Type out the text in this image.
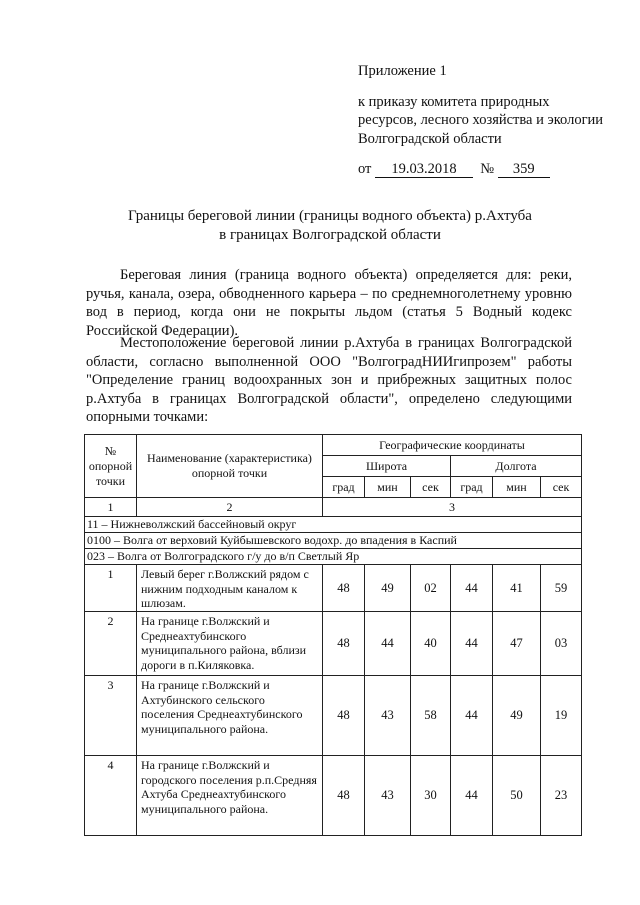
Приложение 1
к приказу комитета природных ресурсов, лесного хозяйства и экологии Волгоградской области
от 19.03.2018 № 359
Границы береговой линии (границы водного объекта) р.Ахтуба
в границах Волгоградской области
Береговая линия (граница водного объекта) определяется для: реки, ручья, канала, озера, обводненного карьера – по среднемноголетнему уровню вод в период, когда они не покрыты льдом (статья 5 Водный кодекс Российской Федерации).
Местоположение береговой линии р.Ахтуба в границах Волгоградской области, согласно выполненной ООО "ВолгоградНИИгипрозем" работы "Определение границ водоохранных зон и прибрежных защитных полос р.Ахтуба в границах Волгоградской области", определено следующими опорными точками:
№ опорной точки	Наименование (характеристика) опорной точки	Географические координаты					
		Широта			Долгота		
		град	мин	сек	град	мин	сек
1	2	3					
11 – Нижневолжский бассейновый округ							
0100 – Волга от верховий Куйбышевского водохр. до впадения в Каспий							
023 – Волга от Волгоградского г/у до в/п Светлый Яр							
1	Левый берег г.Волжский рядом с нижним подходным каналом к шлюзам.	48	49	02	44	41	59
2	На границе г.Волжский и Среднеахтубинского муниципального района, вблизи дороги в п.Киляковка.	48	44	40	44	47	03
3	На границе г.Волжский и Ахтубинского сельского поселения Среднеахтубинского муниципального района.	48	43	58	44	49	19
4	На границе г.Волжский и городского поселения р.п.Средняя Ахтуба Среднеахтубинского муниципального района.	48	43	30	44	50	23
